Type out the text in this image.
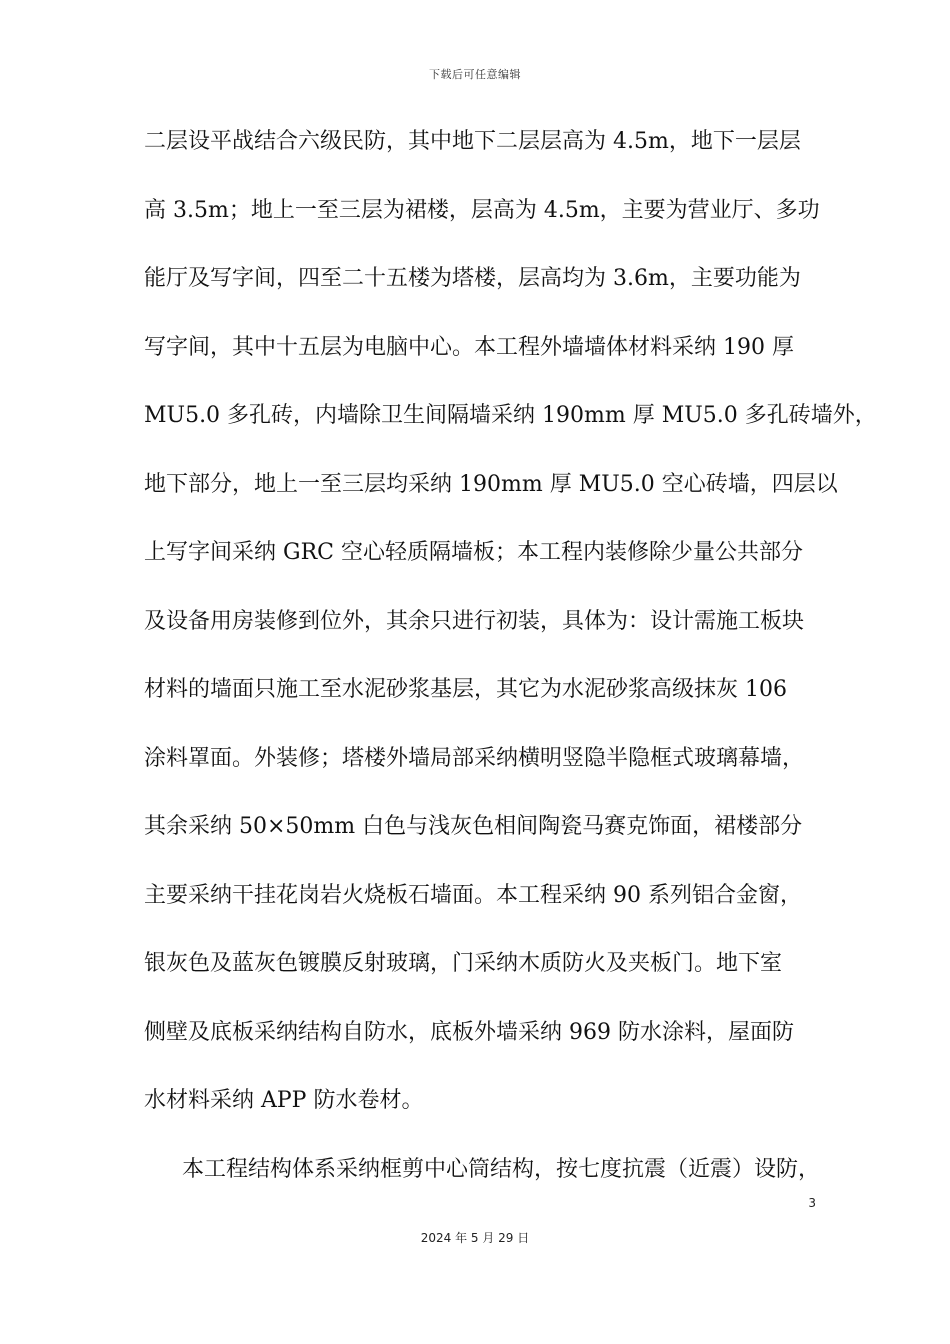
下载后可任意编辑
二层设平战结合六级民防，其中地下二层层高为 4.5m，地下一层层
高 3.5m；地上一至三层为裙楼，层高为 4.5m，主要为营业厅、多功
能厅及写字间，四至二十五楼为塔楼，层高均为 3.6m，主要功能为
写字间，其中十五层为电脑中心。本工程外墙墙体材料采纳 190 厚
MU5.0 多孔砖，内墙除卫生间隔墙采纳 190mm 厚 MU5.0 多孔砖墙外，
地下部分，地上一至三层均采纳 190mm 厚 MU5.0 空心砖墙，四层以
上写字间采纳 GRC 空心轻质隔墙板；本工程内装修除少量公共部分
及设备用房装修到位外，其余只进行初装，具体为：设计需施工板块
材料的墙面只施工至水泥砂浆基层，其它为水泥砂浆高级抹灰 106
涂料罩面。外装修；塔楼外墙局部采纳横明竖隐半隐框式玻璃幕墙，
其余采纳 50×50mm 白色与浅灰色相间陶瓷马赛克饰面，裙楼部分
主要采纳干挂花岗岩火烧板石墙面。本工程采纳 90 系列铝合金窗，
银灰色及蓝灰色镀膜反射玻璃，门采纳木质防火及夹板门。地下室
侧壁及底板采纳结构自防水，底板外墙采纳 969 防水涂料，屋面防
水材料采纳 APP 防水卷材。
本工程结构体系采纳框剪中心筒结构，按七度抗震（近震）设防，
3
2024 年 5 月 29 日
